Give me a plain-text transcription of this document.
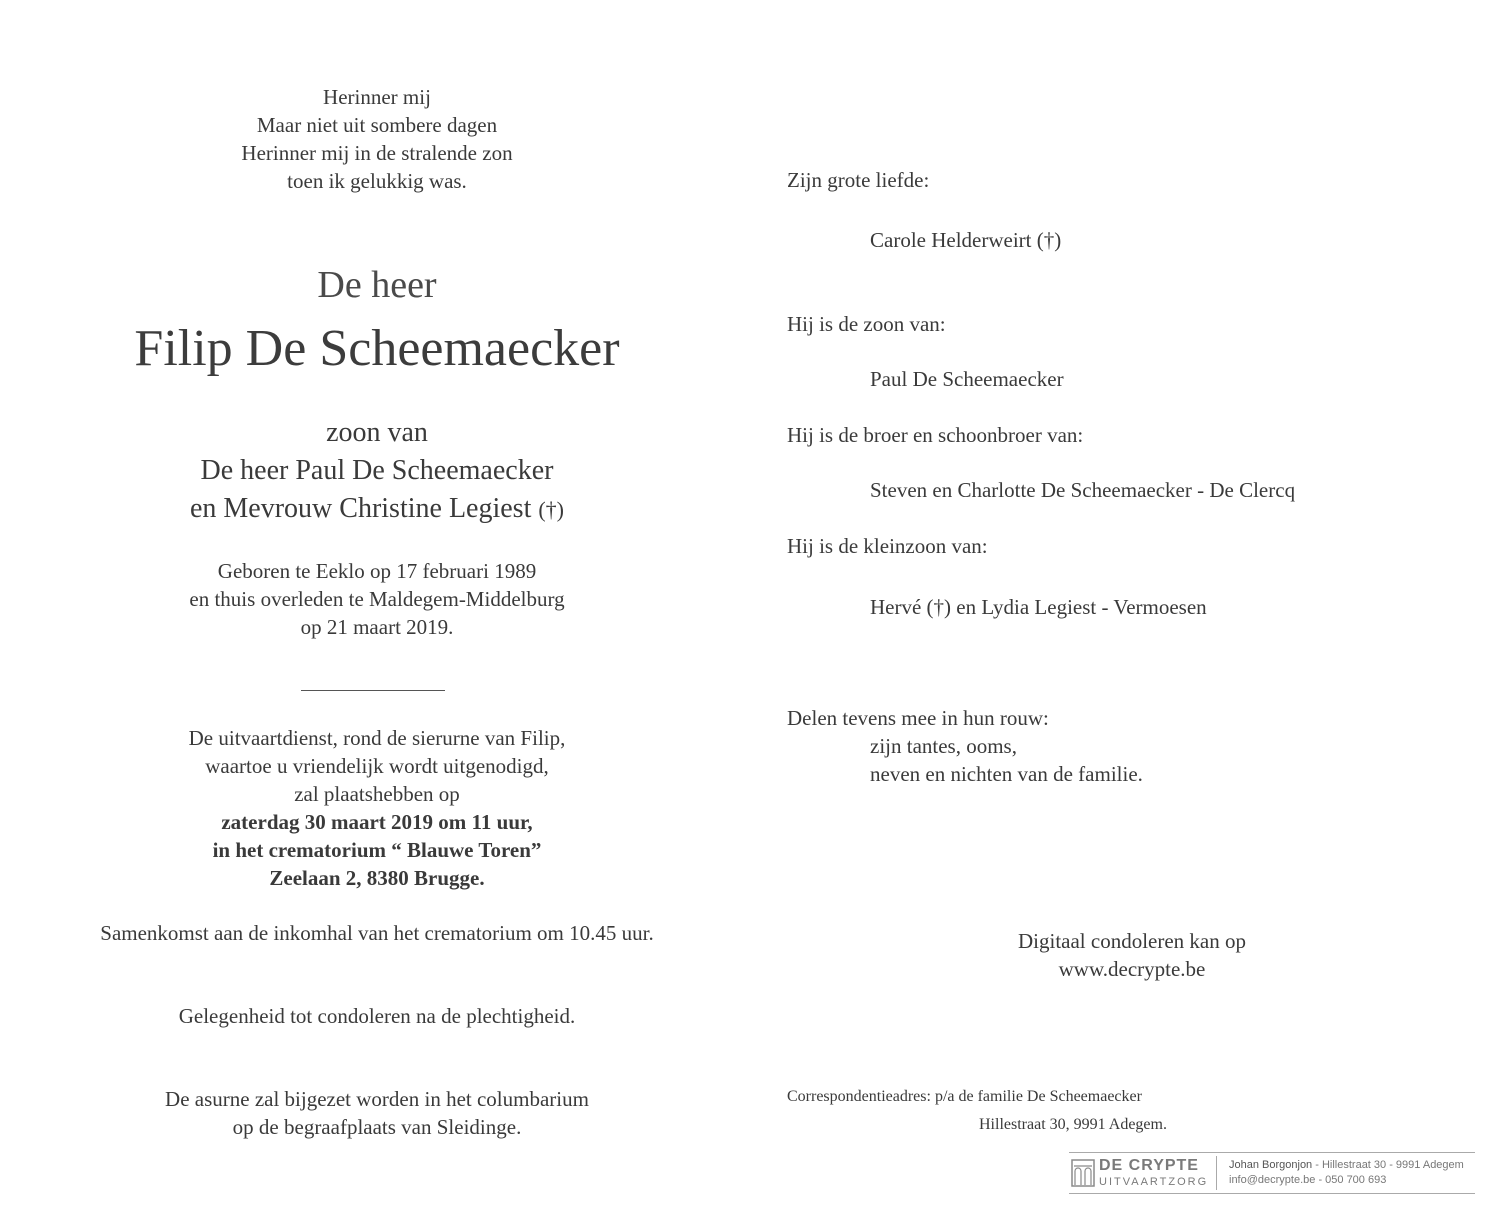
Herinner mij
Maar niet uit sombere dagen
Herinner mij in de stralende zon
toen ik gelukkig was.
De heer
Filip De Scheemaecker
zoon van
De heer Paul De Scheemaecker
en Mevrouw Christine Legiest (†)
Geboren te Eeklo op 17 februari 1989
en thuis overleden te Maldegem-Middelburg
op 21 maart 2019.
De uitvaartdienst, rond de sierurne van Filip,
waartoe u vriendelijk wordt uitgenodigd,
zal plaatshebben op
zaterdag 30 maart 2019 om 11 uur,
in het crematorium “ Blauwe Toren”
Zeelaan 2, 8380 Brugge.
Samenkomst aan de inkomhal van het crematorium om 10.45 uur.
Gelegenheid tot condoleren na de plechtigheid.
De asurne zal bijgezet worden in het columbarium
op de begraafplaats van Sleidinge.
Zijn grote liefde:
Carole Helderweirt (†)
Hij is de zoon van:
Paul De Scheemaecker
Hij is de broer en schoonbroer van:
Steven en Charlotte De Scheemaecker - De Clercq
Hij is de kleinzoon van:
Hervé (†) en Lydia Legiest - Vermoesen
Delen tevens mee in hun rouw:
zijn tantes, ooms,
neven en nichten van de familie.
Digitaal condoleren kan op
www.decrypte.be
Correspondentieadres: p/a de familie De Scheemaecker
Hillestraat 30, 9991 Adegem.
DE CRYPTE
UITVAARTZORG
Johan Borgonjon - Hillestraat 30 - 9991 Adegem
info@decrypte.be - 050 700 693
